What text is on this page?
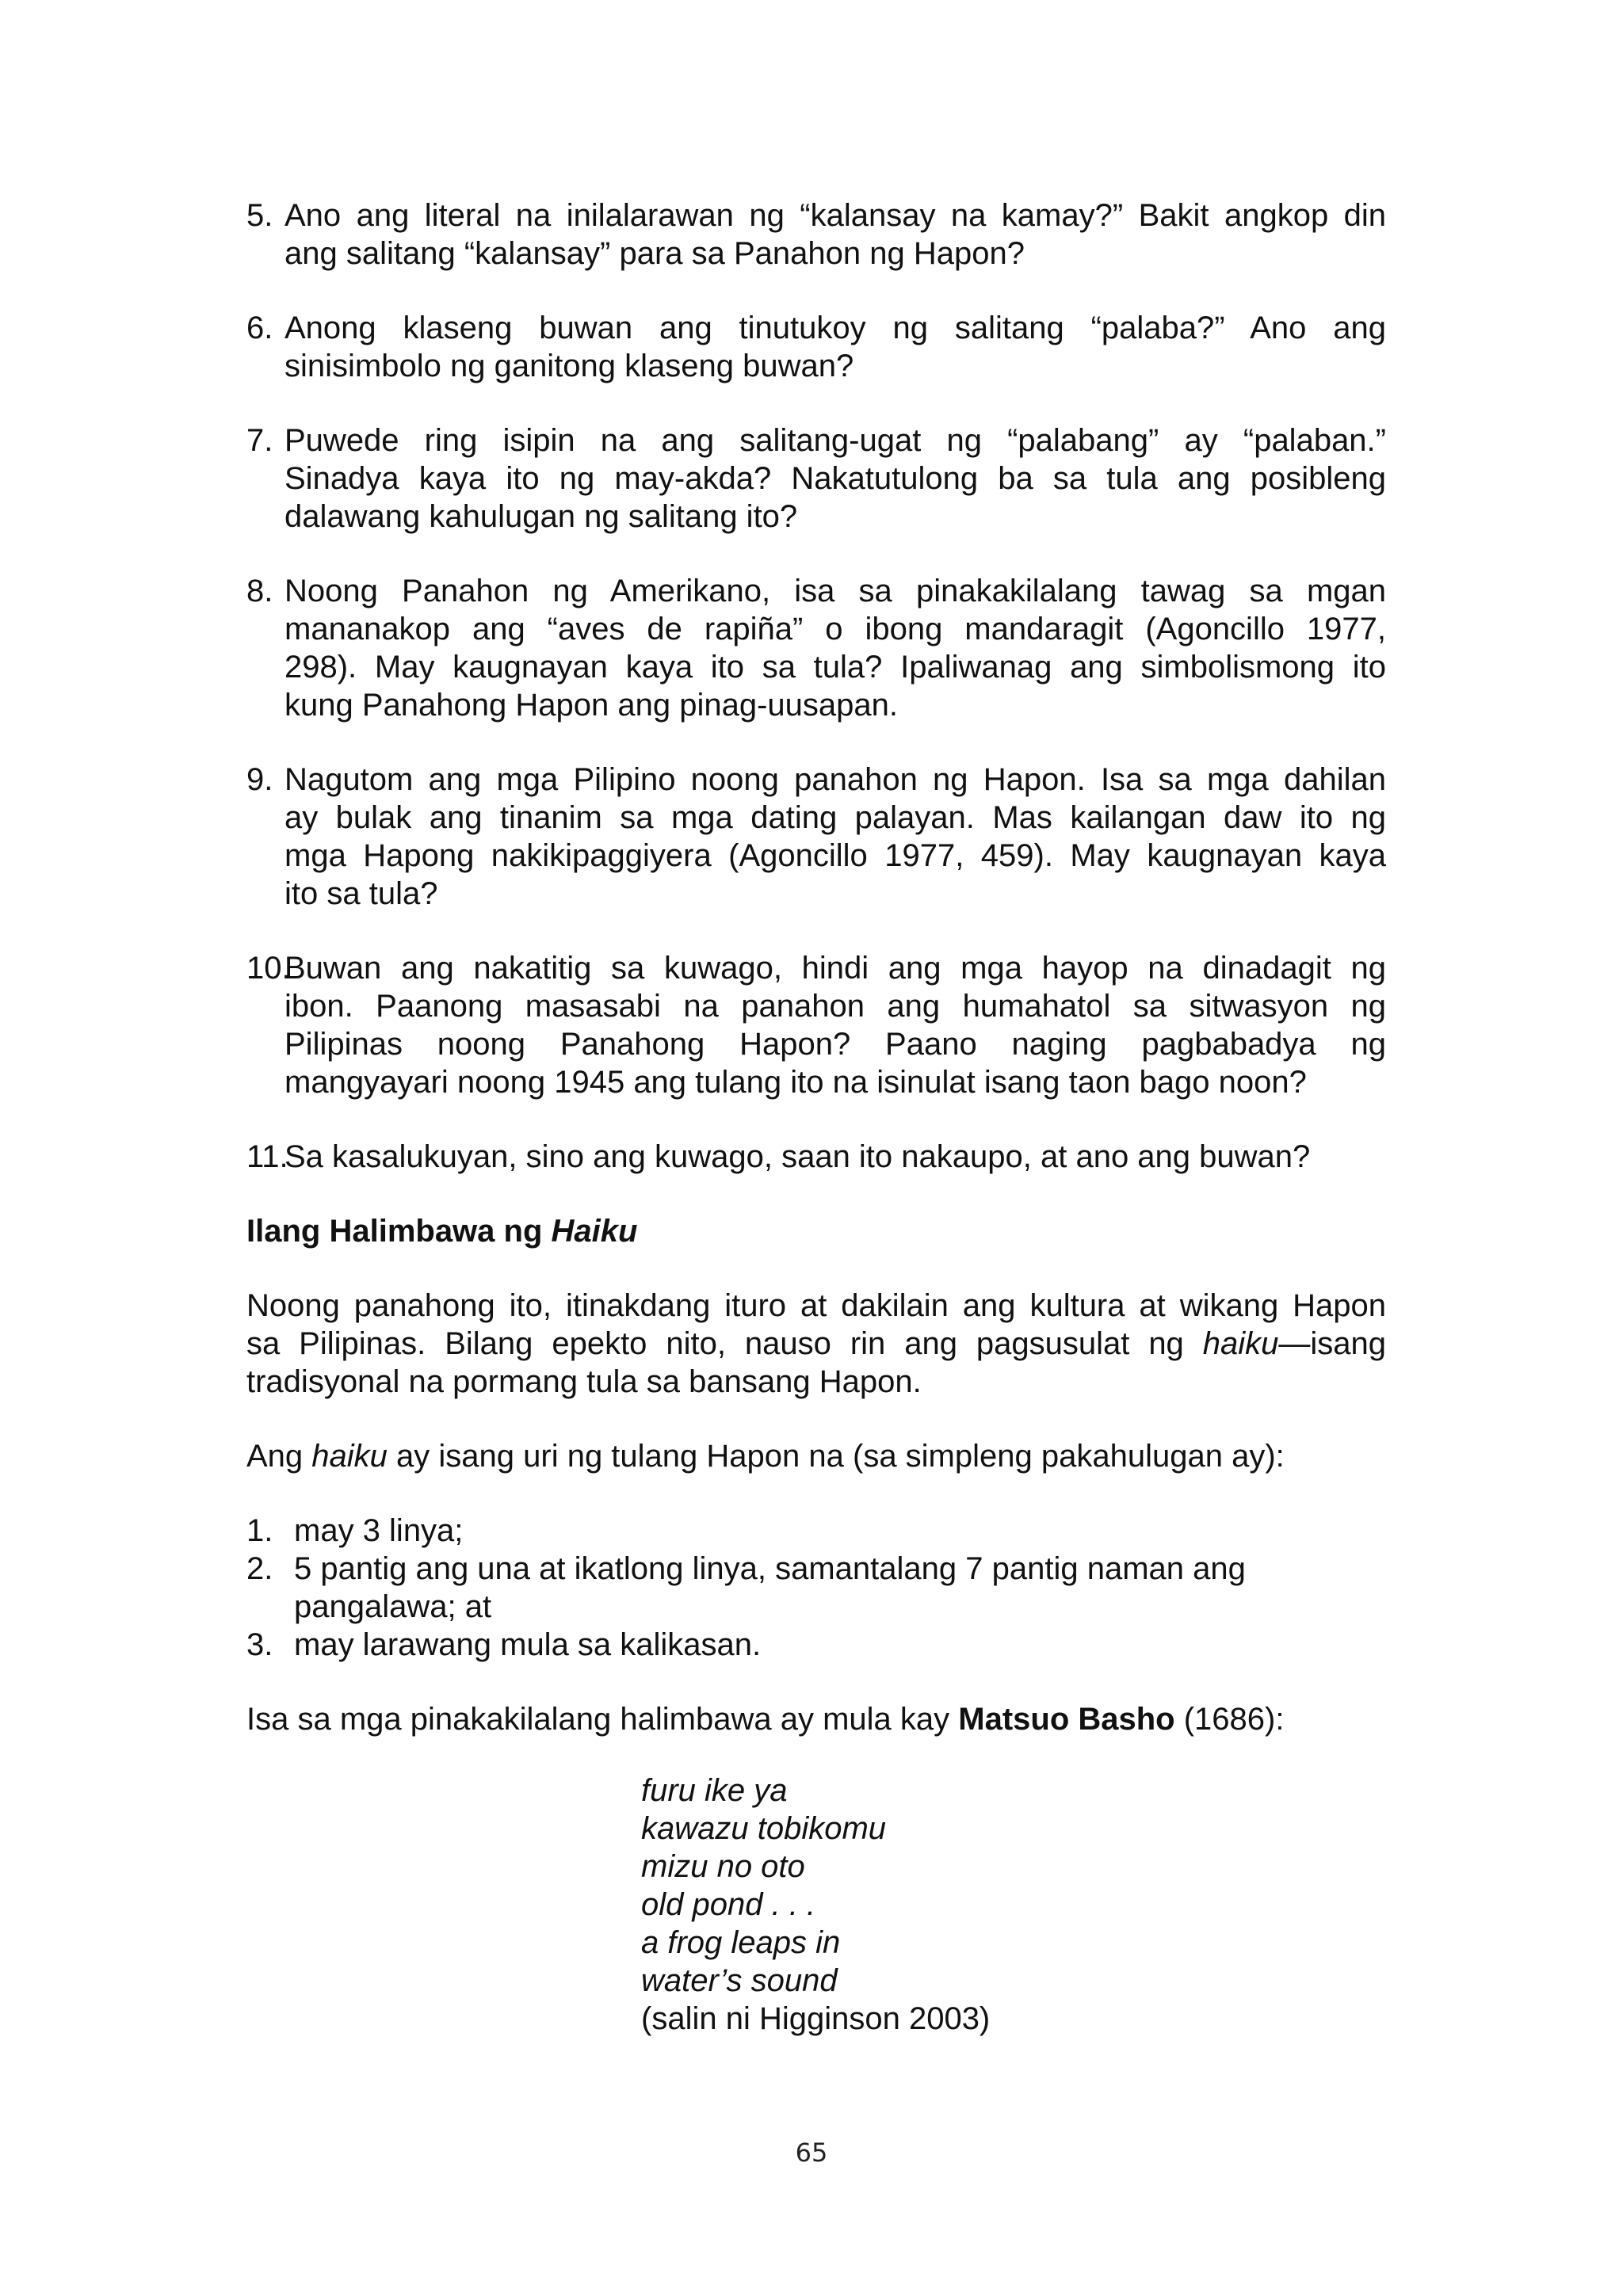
5. Ano ang literal na inilalarawan ng “kalansay na kamay?” Bakit angkop din
ang salitang “kalansay” para sa Panahon ng Hapon?
6. Anong klaseng buwan ang tinutukoy ng salitang “palaba?” Ano ang
sinisimbolo ng ganitong klaseng buwan?
7. Puwede ring isipin na ang salitang-ugat ng “palabang” ay “palaban.”
Sinadya kaya ito ng may-akda? Nakatutulong ba sa tula ang posibleng
dalawang kahulugan ng salitang ito?
8. Noong Panahon ng Amerikano, isa sa pinakakilalang tawag sa mgan
mananakop ang “aves de rapiña” o ibong mandaragit (Agoncillo 1977,
298). May kaugnayan kaya ito sa tula? Ipaliwanag ang simbolismong ito
kung Panahong Hapon ang pinag-uusapan.
9. Nagutom ang mga Pilipino noong panahon ng Hapon. Isa sa mga dahilan
ay bulak ang tinanim sa mga dating palayan. Mas kailangan daw ito ng
mga Hapong nakikipaggiyera (Agoncillo 1977, 459). May kaugnayan kaya
ito sa tula?
10.
Buwan ang nakatitig sa kuwago, hindi ang mga hayop na dinadagit ng
ibon. Paanong masasabi na panahon ang humahatol sa sitwasyon ng
Pilipinas noong Panahong Hapon? Paano naging pagbabadya ng
mangyayari noong 1945 ang tulang ito na isinulat isang taon bago noon?
11.
Sa kasalukuyan, sino ang kuwago, saan ito nakaupo, at ano ang buwan?

Ilang Halimbawa ng Haiku

Noong panahong ito, itinakdang ituro at dakilain ang kultura at wikang Hapon
sa Pilipinas. Bilang epekto nito, nauso rin ang pagsusulat ng haiku—isang
tradisyonal na pormang tula sa bansang Hapon.

Ang haiku ay isang uri ng tulang Hapon na (sa simpleng pakahulugan ay):

1. may 3 linya;
2. 5 pantig ang una at ikatlong linya, samantalang 7 pantig naman ang
pangalawa; at
3. may larawang mula sa kalikasan.

Isa sa mga pinakakilalang halimbawa ay mula kay Matsuo Basho (1686):

furu ike ya
kawazu tobikomu
mizu no oto
old pond . . .
a frog leaps in
water’s sound
(salin ni Higginson 2003)
65
